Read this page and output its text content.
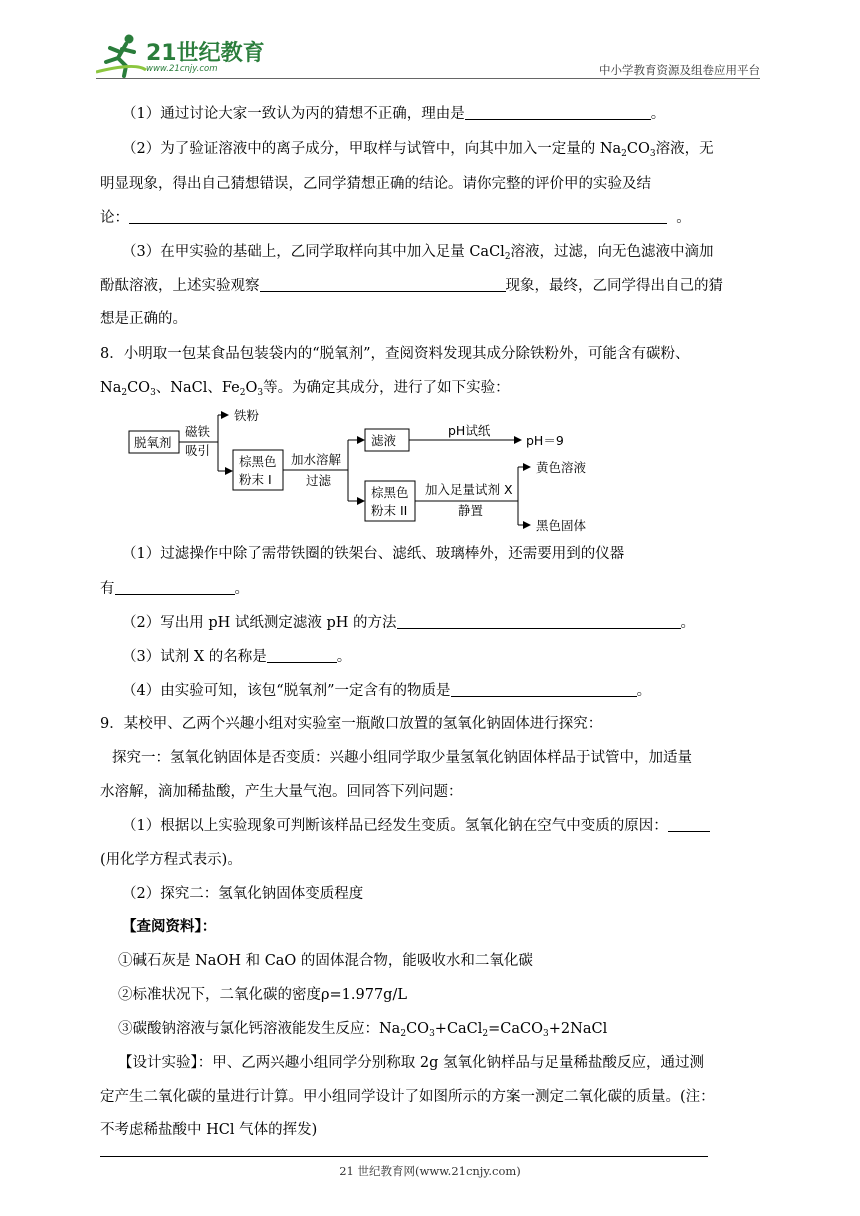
21世纪教育
www.21cnjy.com	中小学教育资源及组卷应用平台
（1）通过讨论大家一致认为丙的猜想不正确，理由是	。
（2）为了验证溶液中的离子成分，甲取样与试管中，向其中加入一定量的 $Na_2CO_3$溶液，无
明显现象，得出自己猜想错误，乙同学猜想正确的结论。请你完整的评价甲的实验及结
论：	。
（3）在甲实验的基础上，乙同学取样向其中加入足量 CaCl$_2$溶液，过滤，向无色滤液中滴加
酚酞溶液，上述实验观察	现象，最终，乙同学得出自己的猜
想是正确的。
8．小明取一包某食品包装袋内的“脱氧剂”，查阅资料发现其成分除铁粉外，可能含有碳粉、
$Na_2CO_3$、NaCl、$Fe_2O_3$等。为确定其成分，进行了如下实验：
脱氧剂
磁铁
吸引
铁粉
棕黑色
粉末 I
加水溶解
过滤
滤液
pH试纸
pH＝9
棕黑色
粉末 II
加入足量试剂 X
静置
黄色溶液
黑色固体
（1）过滤操作中除了需带铁圈的铁架台、滤纸、玻璃棒外，还需要用到的仪器
有	。
（2）写出用 pH 试纸测定滤液 pH 的方法	。
（3）试剂 X 的名称是	。
（4）由实验可知，该包“脱氧剂”一定含有的物质是	。
9．某校甲、乙两个兴趣小组对实验室一瓶敞口放置的氢氧化钠固体进行探究：
探究一：氢氧化钠固体是否变质：兴趣小组同学取少量氢氧化钠固体样品于试管中，加适量
水溶解，滴加稀盐酸，产生大量气泡。回同答下列问题：
（1）根据以上实验现象可判断该样品已经发生变质。氢氧化钠在空气中变质的原因：
(用化学方程式表示)。
（2）探究二：氢氧化钠固体变质程度
【查阅资料】：
①碱石灰是 NaOH 和 CaO 的固体混合物，能吸收水和二氧化碳
②标准状况下，二氧化碳的密度ρ=1.977g/L
③碳酸钠溶液与氯化钙溶液能发生反应：$Na_2CO_3+CaCl_2=CaCO_3+2NaCl$
【设计实验】：甲、乙两兴趣小组同学分别称取 2g 氢氧化钠样品与足量稀盐酸反应，通过测
定产生二氧化碳的量进行计算。甲小组同学设计了如图所示的方案一测定二氧化碳的质量。(注：
不考虑稀盐酸中 HCl 气体的挥发)
21 世纪教育网(www.21cnjy.com)
